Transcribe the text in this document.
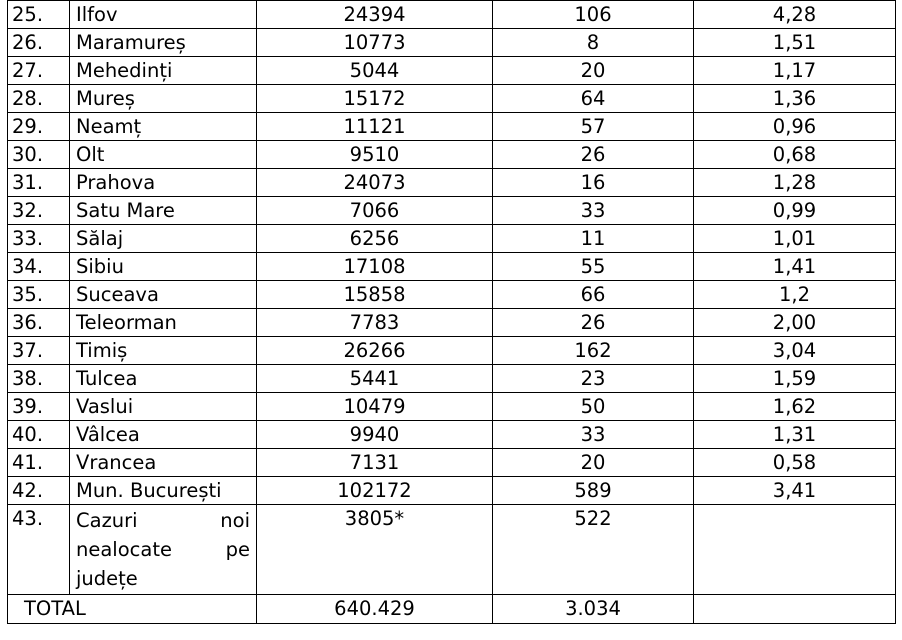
25.	Ilfov	24394	106	4,28
26.	Maramureș	10773	8	1,51
27.	Mehedinți	5044	20	1,17
28.	Mureș	15172	64	1,36
29.	Neamț	11121	57	0,96
30.	Olt	9510	26	0,68
31.	Prahova	24073	16	1,28
32.	Satu Mare	7066	33	0,99
33.	Sălaj	6256	11	1,01
34.	Sibiu	17108	55	1,41
35.	Suceava	15858	66	1,2
36.	Teleorman	7783	26	2,00
37.	Timiș	26266	162	3,04
38.	Tulcea	5441	23	1,59
39.	Vaslui	10479	50	1,62
40.	Vâlcea	9940	33	1,31
41.	Vrancea	7131	20	0,58
42.	Mun. București	102172	589	3,41
43.	Cazuri noi nealocate pe județe	3805*	522	
TOTAL		640.429	3.034	
